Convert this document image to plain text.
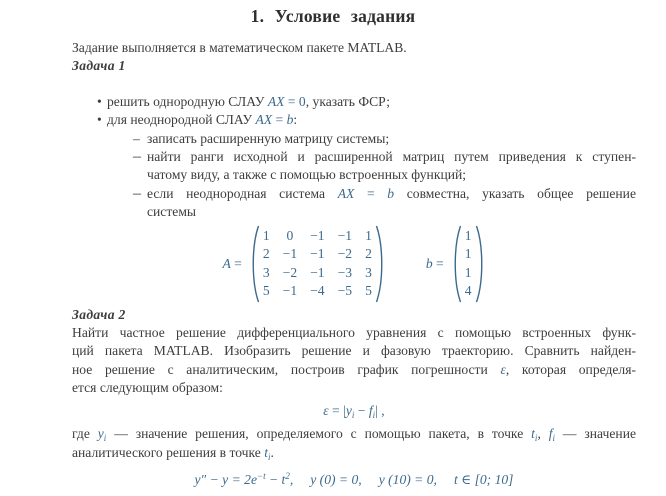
1. Условие задания
Задание выполняется в математическом пакете MATLAB.
Задача 1
• решить однородную СЛАУ AX = 0, указать ФСР;
• для неоднородной СЛАУ AX = b:
– записать расширенную матрицу системы;
– найти ранги исходной и расширенной матриц путем приведения к ступен-
чатому виду, а также с помощью встроенных функций;
– если неоднородная система AX = b совместна, указать общее решение
системы
A =
1 0 −1 −1 1
2 −1 −1 −2 2
3 −2 −1 −3 3
5 −1 −4 −5 5
b =
1
1
1
4
Задача 2
Найти частное решение дифференциального уравнения с помощью встроенных функ-
ций пакета MATLAB. Изобразить решение и фазовую траекторию. Сравнить найден-
ное решение с аналитическим, построив график погрешности ε, которая определя-
ется следующим образом:
$\varepsilon = |y_i - f_i|$ ,
где $y_i$ — значение решения, определяемого с помощью пакета, в точке $t_i$, $f_i$ — значение
аналитического решения в точке $t_i$.
$y'' - y = 2e^{-t} - t^2$, y (0) = 0, y (10) = 0, t ∈ [0; 10]
